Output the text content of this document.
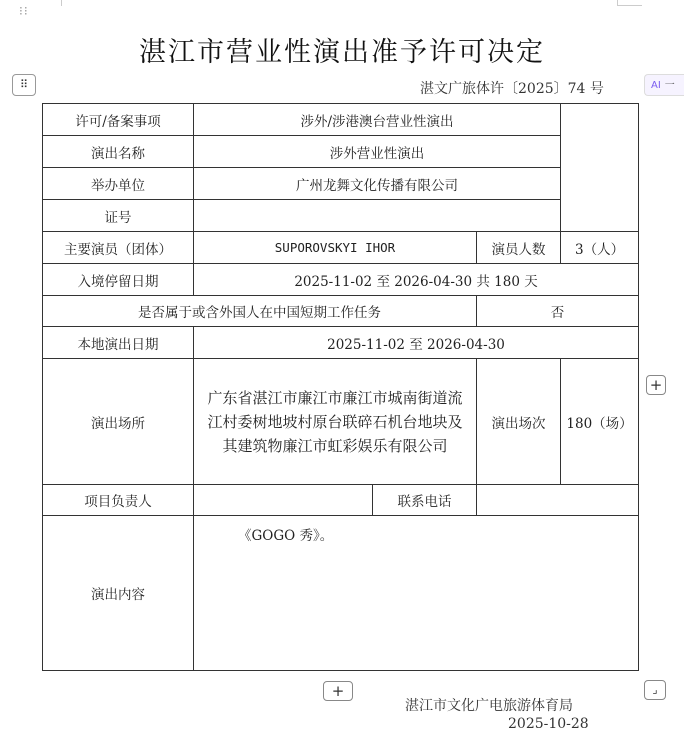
⁝⁝
湛江市营业性演出准予许可决定
⠿	湛文广旅体许〔2025〕74 号	AI 一
许可/备案事项	涉外/涉港澳台营业性演出			
演出名称	涉外营业性演出			
举办单位	广州龙舞文化传播有限公司			
证号				
主要演员（团体）	SUPOROVSKYI IHOR		演员人数	3（人）
入境停留日期	2025-11-02 至 2026-04-30 共 180 天			
是否属于或含外国人在中国短期工作任务			否	
本地演出日期	2025-11-02 至 2026-04-30			
演出场所	广东省湛江市廉江市廉江市城南街道流江村委树地坡村原台联碎石机台地块及其建筑物廉江市虹彩娱乐有限公司		演出场次	180（场）
项目负责人		联系电话		
演出内容	《GOGO 秀》。			
+
+	⌟
湛江市文化广电旅游体育局
2025-10-28
